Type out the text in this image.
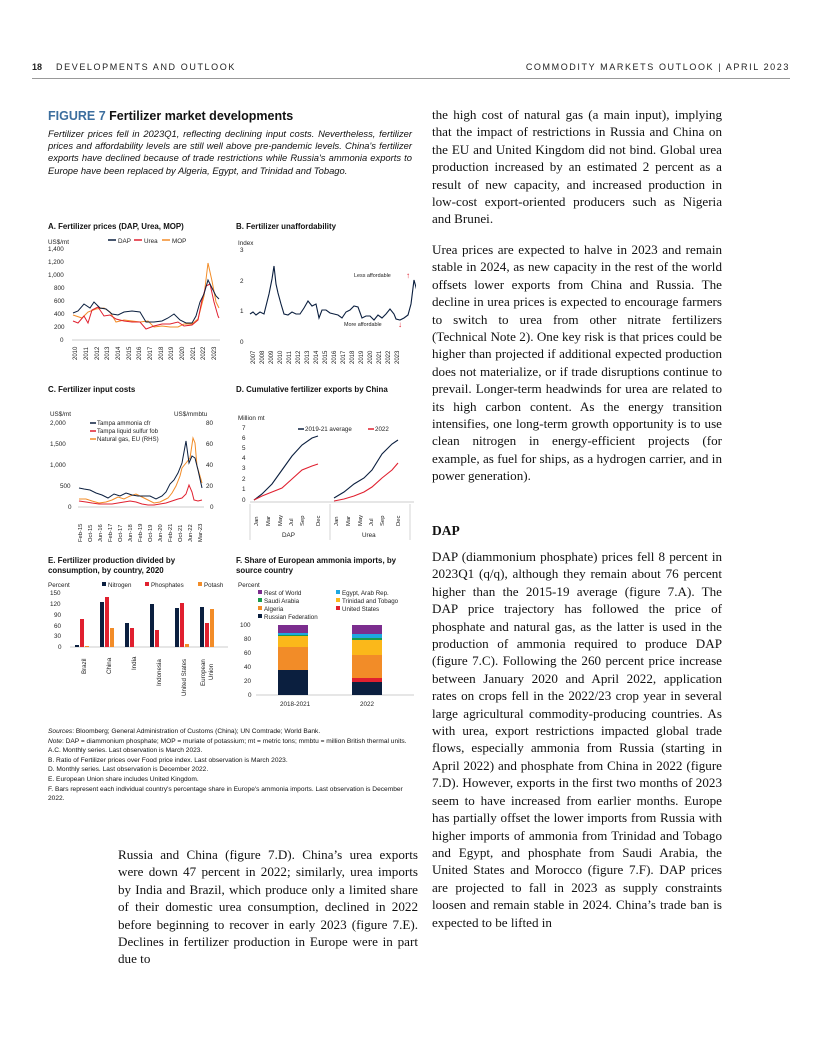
18 DEVELOPMENTS AND OUTLOOK	COMMODITY MARKETS OUTLOOK | APRIL 2023
FIGURE 7 Fertilizer market developments
Fertilizer prices fell in 2023Q1, reflecting declining input costs. Nevertheless, fertilizer prices and affordability levels are still well above pre-pandemic levels. China's fertilizer exports have declined because of trade restrictions while Russia's ammonia exports to Europe have been replaced by Algeria, Egypt, and Trinidad and Tobago.
A. Fertilizer prices (DAP, Urea, MOP)
US$/mt
1,400
1,200
1,000
800
600
400
200
0
DAP Urea MOP
2010 2011 2012 2013 2014 2015 2016 2017 2018 2019 2020 2021 2022 2023
B. Fertilizer unaffordability
Index
3
2
1
0
Less affordable
More affordable
↑
↓
2007 2008 2009 2010 2011 2012 2013 2014 2015 2016 2017 2018 2019 2020 2021 2022 2023
C. Fertilizer input costs
US$/mt	US$/mmbtu
2,000
1,500
1,000
500
0
80
60
40
20
0
Tampa ammonia cfr
Tampa liquid sulfur fob
Natural gas, EU (RHS)
Feb-15 Oct-15 Jun-16 Feb-17 Oct-17 Jun-18 Feb-19 Oct-19 Jun-20 Feb-21 Oct-21 Jun-22 Mar-23
D. Cumulative fertilizer exports by China
Million mt
7
6
5
4
3
2
1
0
2019-21 average	2022
Jan Mar May Jul Sep Dec Jan Mar May Jul Sep Dec
DAP	Urea
E. Fertilizer production divided by consumption, by country, 2020
Percent
150
120
90
60
30
0
Nitrogen	Phosphates	Potash
Brazil	China	India	Indonesia	United States European Union
F. Share of European ammonia imports, by source country
Percent
Rest of World	Egypt, Arab Rep.
Saudi Arabia	Trinidad and Tobago
Algeria	United States
Russian Federation
100
80
60
40
20
0
2018-2021	2022
Sources: Bloomberg; General Administration of Customs (China); UN Comtrade; World Bank.
Note: DAP = diammonium phosphate; MOP = muriate of potassium; mt = metric tons; mmbtu = million British thermal units.
A.C. Monthly series. Last observation is March 2023.
B. Ratio of Fertilizer prices over Food price index. Last observation is March 2023.
D. Monthly series. Last observation is December 2022.
E. European Union share includes United Kingdom.
F. Bars represent each individual country's percentage share in Europe's ammonia imports. Last observation is December 2022.
Russia and China (figure 7.D). China’s urea exports were down 47 percent in 2022; similarly, urea imports by India and Brazil, which produce only a limited share of their domestic urea consumption, declined in 2022 before beginning to recover in early 2023 (figure 7.E). Declines in fertilizer production in Europe were in part due to
the high cost of natural gas (a main input), implying that the impact of restrictions in Russia and China on the EU and United Kingdom did not bind. Global urea production increased by an estimated 2 percent as a result of new capacity, and increased production in low-cost export-oriented producers such as Nigeria and Brunei.
Urea prices are expected to halve in 2023 and remain stable in 2024, as new capacity in the rest of the world offsets lower exports from China and Russia. The decline in urea prices is expected to encourage farmers to switch to urea from other nitrate fertilizers (Technical Note 2). One key risk is that prices could be higher than projected if additional expected production does not materialize, or if trade disruptions continue to prevail. Longer-term headwinds for urea are related to its high carbon content. As the energy transition intensifies, one long-term growth opportunity is to use clean nitrogen in energy-efficient projects (for example, as fuel for ships, as a hydrogen carrier, and in power generation).
DAP
DAP (diammonium phosphate) prices fell 8 percent in 2023Q1 (q/q), although they remain about 76 percent higher than the 2015-19 average (figure 7.A). The DAP price trajectory has followed the price of phosphate and natural gas, as the latter is used in the production of ammonia required to produce DAP (figure 7.C). Following the 260 percent price increase between January 2020 and April 2022, application rates on crops fell in the 2022/23 crop year in several large agricultural commodity-producing countries. As with urea, export restrictions impacted global trade flows, especially ammonia from Russia (starting in April 2022) and phosphate from China in 2022 (figure 7.D). However, exports in the first two months of 2023 seem to have increased from earlier months. Europe has partially offset the lower imports from Russia with higher imports of ammonia from Trinidad and Tobago and Egypt, and phosphate from Saudi Arabia, the United States and Morocco (figure 7.F). DAP prices are projected to fall in 2023 as supply constraints loosen and remain stable in 2024. China’s trade ban is expected to be lifted in
